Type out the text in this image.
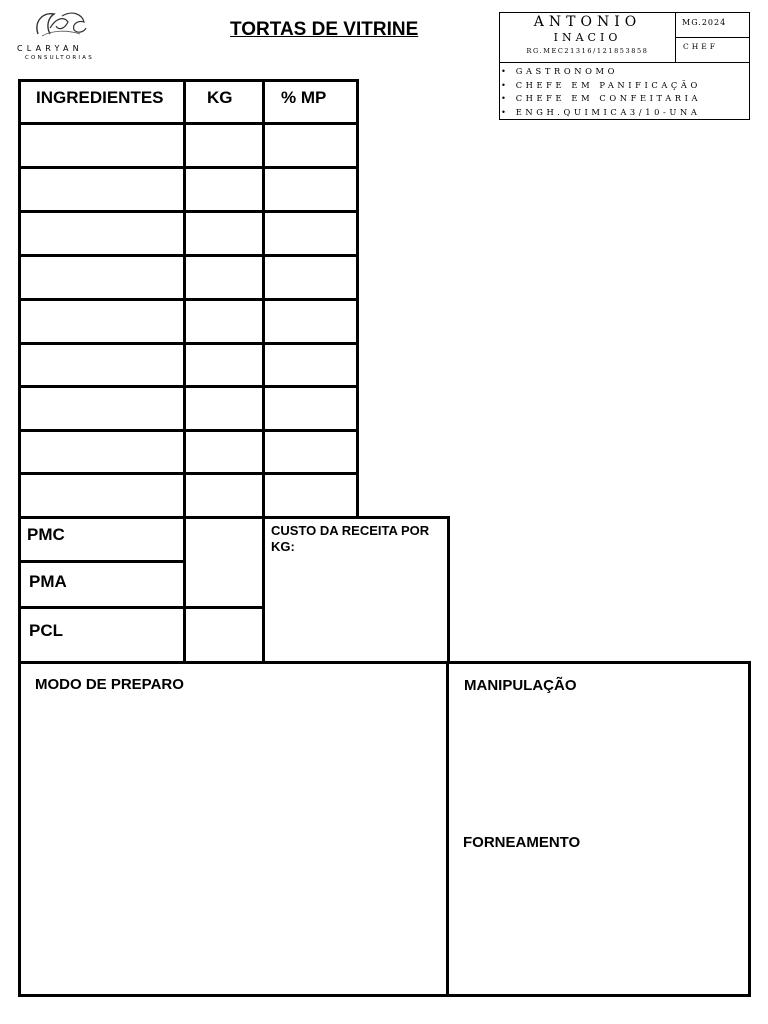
CLARYAN
CONSULTORIAS
TORTAS DE VITRINE	ANTONIO
INACIO
RG.MEC21316/121853858
MG.2024
CHEF
• GASTRONOMO
• CHEFE EM PANIFICAÇÃO
• CHEFE EM CONFEITARIA
• ENGH.QUIMICA3/10-UNA
INGREDIENTES	KG	% MP
PMC
PMA
PCL
CUSTO DA RECEITA POR KG:
MODO DE PREPARO	MANIPULAÇÃO
FORNEAMENTO
